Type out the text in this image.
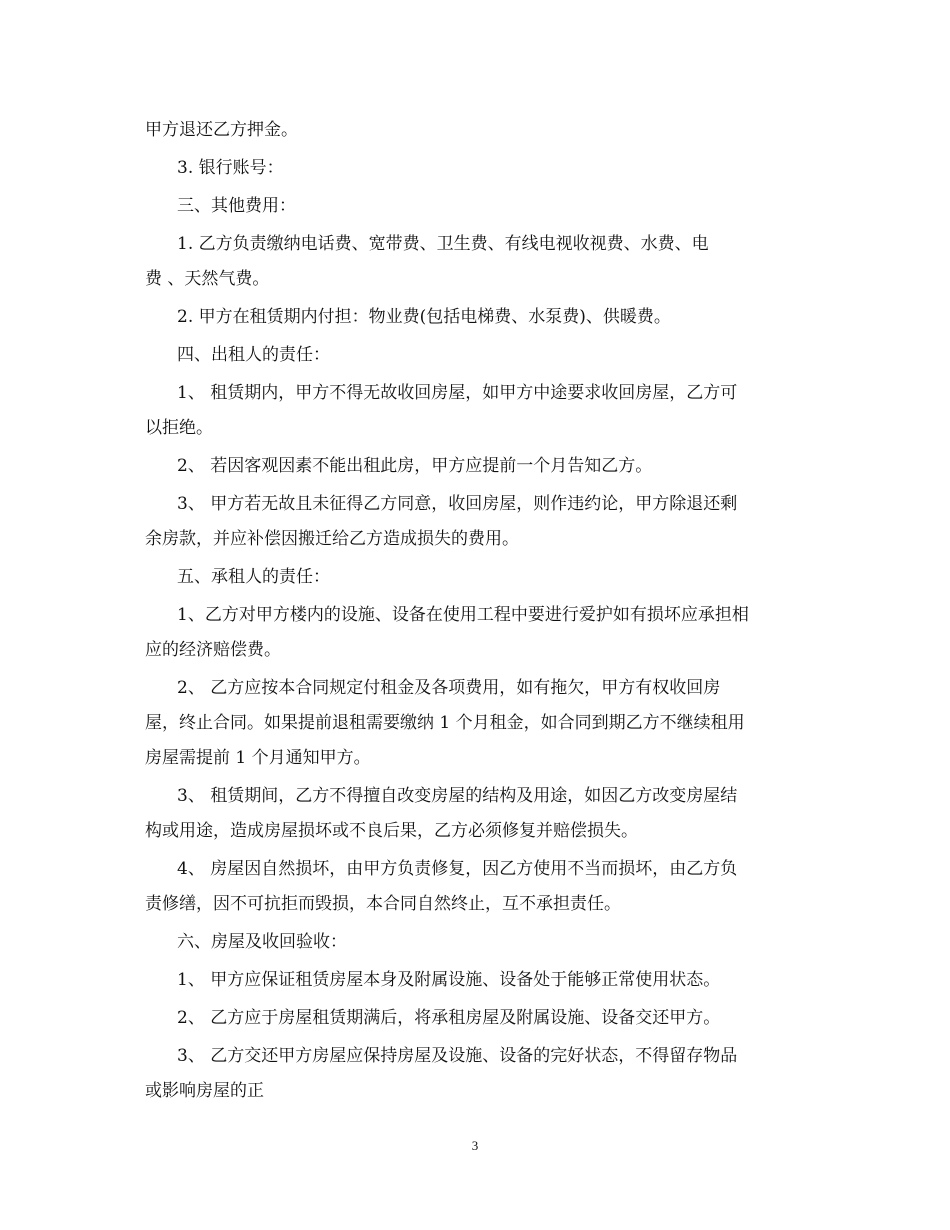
甲方退还乙方押金。
3. 银行账号：
三、其他费用：
1. 乙方负责缴纳电话费、宽带费、卫生费、有线电视收视费、水费、电
费 、天然气费。
2. 甲方在租赁期内付担：物业费(包括电梯费、水泵费)、供暖费。
四、出租人的责任：
1、 租赁期内，甲方不得无故收回房屋，如甲方中途要求收回房屋，乙方可
以拒绝。
2、 若因客观因素不能出租此房，甲方应提前一个月告知乙方。
3、 甲方若无故且未征得乙方同意，收回房屋，则作违约论，甲方除退还剩
余房款，并应补偿因搬迁给乙方造成损失的费用。
五、承租人的责任：
1、乙方对甲方楼内的设施、设备在使用工程中要进行爱护如有损坏应承担相
应的经济赔偿费。
2、 乙方应按本合同规定付租金及各项费用，如有拖欠，甲方有权收回房
屋，终止合同。如果提前退租需要缴纳 1 个月租金，如合同到期乙方不继续租用
房屋需提前 1 个月通知甲方。
3、 租赁期间，乙方不得擅自改变房屋的结构及用途，如因乙方改变房屋结
构或用途，造成房屋损坏或不良后果，乙方必须修复并赔偿损失。
4、 房屋因自然损坏，由甲方负责修复，因乙方使用不当而损坏，由乙方负
责修缮，因不可抗拒而毁损，本合同自然终止，互不承担责任。
六、房屋及收回验收：
1、 甲方应保证租赁房屋本身及附属设施、设备处于能够正常使用状态。
2、 乙方应于房屋租赁期满后，将承租房屋及附属设施、设备交还甲方。
3、 乙方交还甲方房屋应保持房屋及设施、设备的完好状态，不得留存物品
或影响房屋的正
3
